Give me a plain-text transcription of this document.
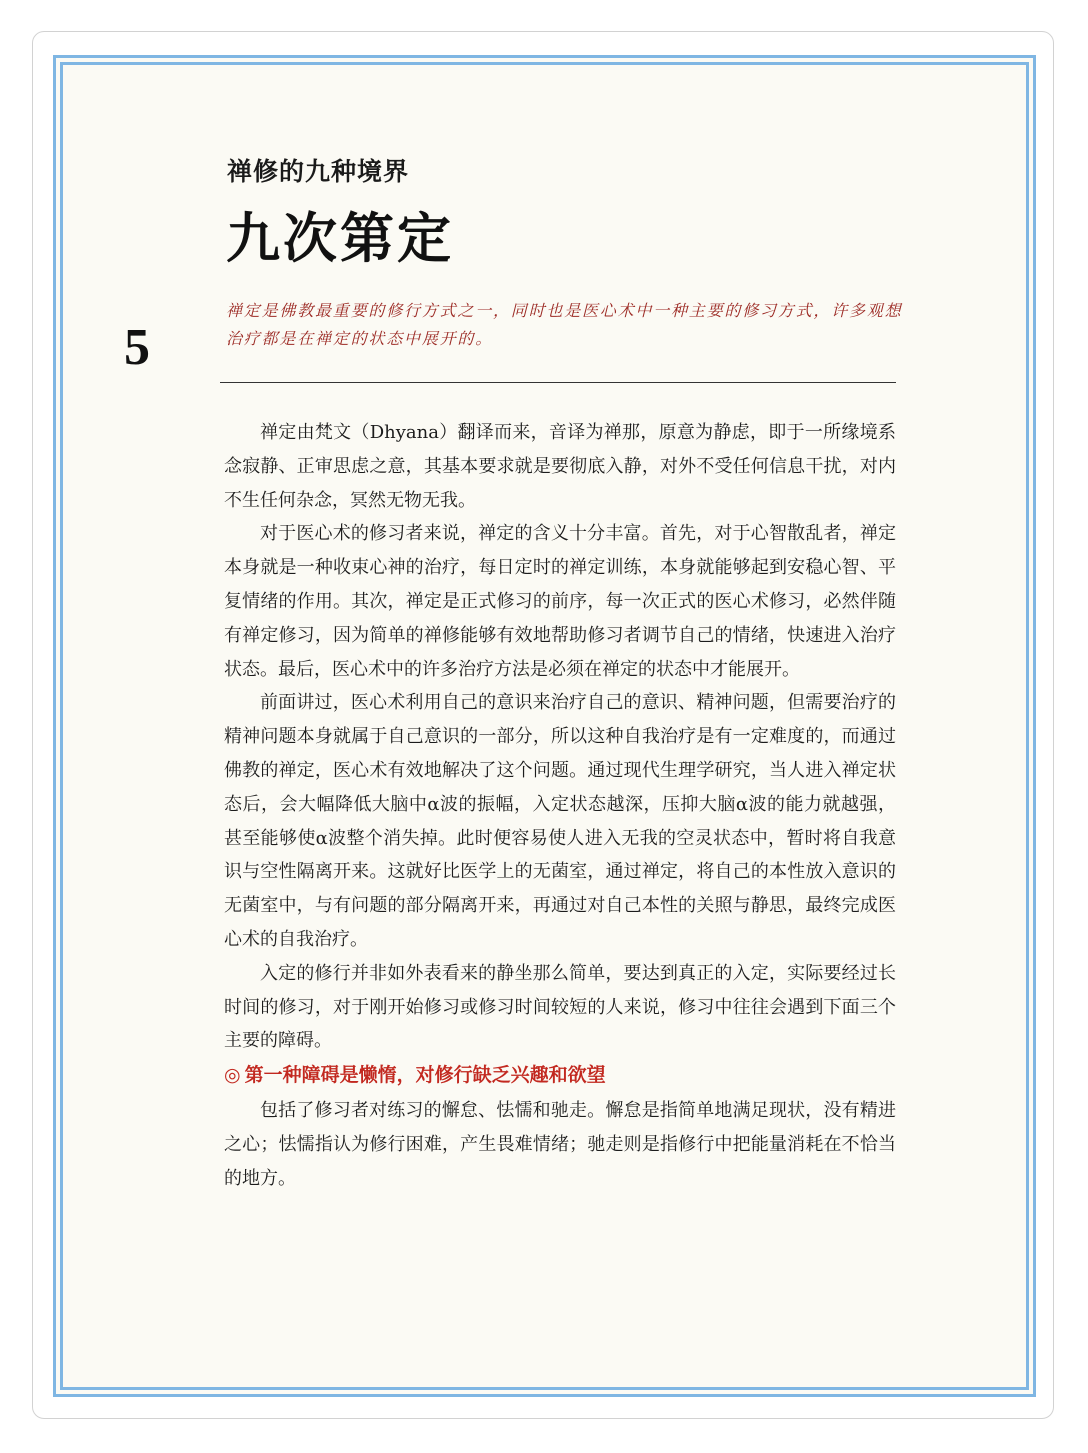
禅修的九种境界
九次第定
5
禅定是佛教最重要的修行方式之一，同时也是医心术中一种主要的修习方式，许多观想治疗都是在禅定的状态中展开的。

禅定由梵文（Dhyana）翻译而来，音译为禅那，原意为静虑，即于一所缘境系念寂静、正审思虑之意，其基本要求就是要彻底入静，对外不受任何信息干扰，对内不生任何杂念，冥然无物无我。

对于医心术的修习者来说，禅定的含义十分丰富。首先，对于心智散乱者，禅定本身就是一种收束心神的治疗，每日定时的禅定训练，本身就能够起到安稳心智、平复情绪的作用。其次，禅定是正式修习的前序，每一次正式的医心术修习，必然伴随有禅定修习，因为简单的禅修能够有效地帮助修习者调节自己的情绪，快速进入治疗状态。最后，医心术中的许多治疗方法是必须在禅定的状态中才能展开。

前面讲过，医心术利用自己的意识来治疗自己的意识、精神问题，但需要治疗的精神问题本身就属于自己意识的一部分，所以这种自我治疗是有一定难度的，而通过佛教的禅定，医心术有效地解决了这个问题。通过现代生理学研究，当人进入禅定状态后，会大幅降低大脑中α波的振幅，入定状态越深，压抑大脑α波的能力就越强，甚至能够使α波整个消失掉。此时便容易使人进入无我的空灵状态中，暂时将自我意识与空性隔离开来。这就好比医学上的无菌室，通过禅定，将自己的本性放入意识的无菌室中，与有问题的部分隔离开来，再通过对自己本性的关照与静思，最终完成医心术的自我治疗。

入定的修行并非如外表看来的静坐那么简单，要达到真正的入定，实际要经过长时间的修习，对于刚开始修习或修习时间较短的人来说，修习中往往会遇到下面三个主要的障碍。

◎ 第一种障碍是懒惰，对修行缺乏兴趣和欲望

包括了修习者对练习的懈怠、怯懦和驰走。懈怠是指简单地满足现状，没有精进之心；怯懦指认为修行困难，产生畏难情绪；驰走则是指修行中把能量消耗在不恰当的地方。
